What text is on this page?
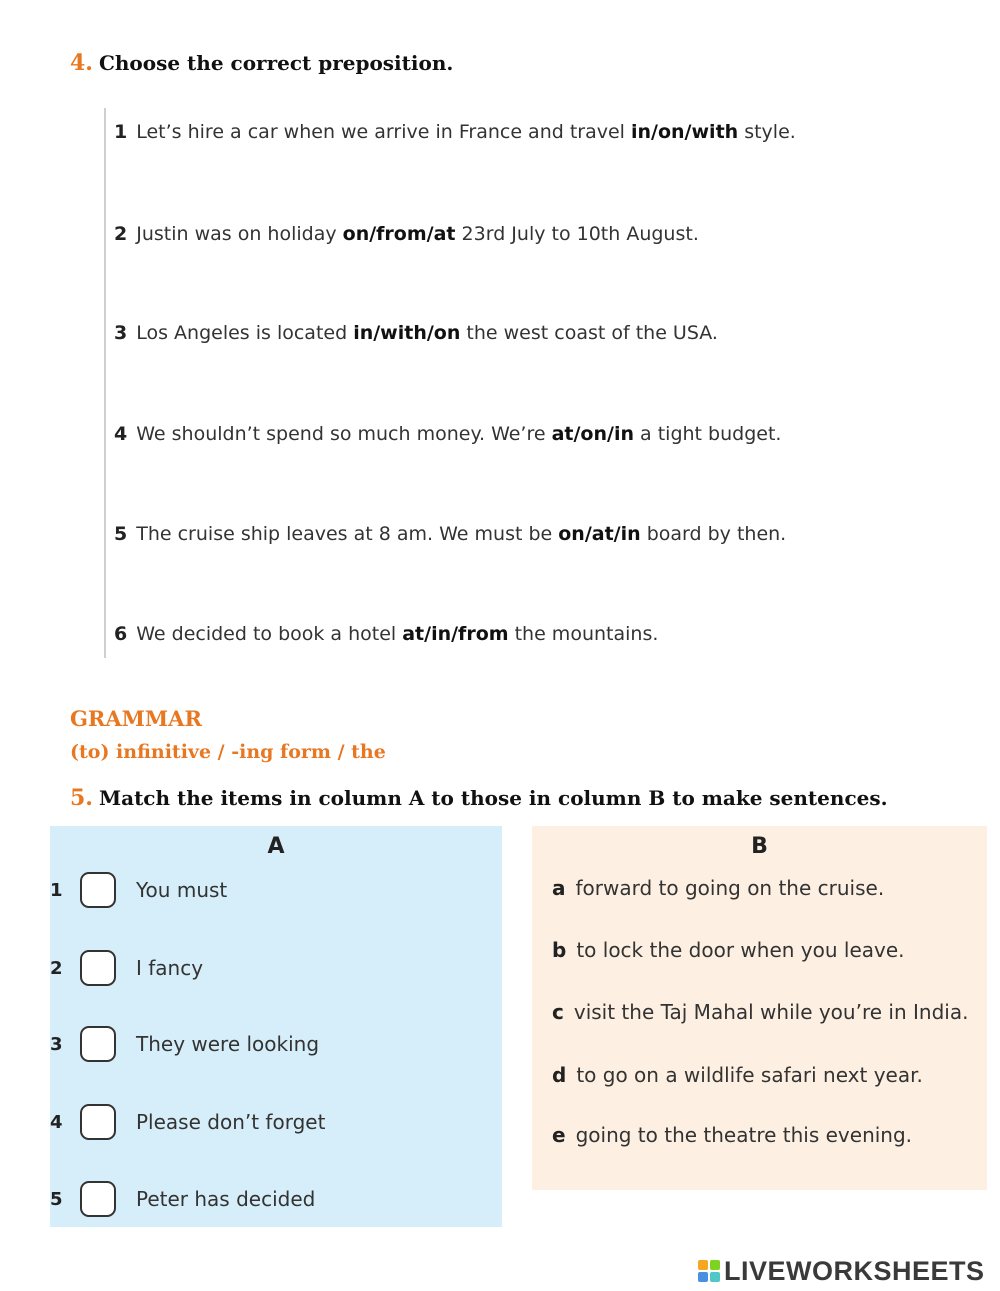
4. Choose the correct preposition.
1 Let’s hire a car when we arrive in France and travel in/on/with style.
2 Justin was on holiday on/from/at 23rd July to 10th August.
3 Los Angeles is located in/with/on the west coast of the USA.
4 We shouldn’t spend so much money. We’re at/on/in a tight budget.
5 The cruise ship leaves at 8 am. We must be on/at/in board by then.
6 We decided to book a hotel at/in/from the mountains.
GRAMMAR
(to) infinitive / -ing form / the
5. Match the items in column A to those in column B to make sentences.
A
1	You must
2	I fancy
3	They were looking
4	Please don’t forget
5	Peter has decided
B
a forward to going on the cruise.
b to lock the door when you leave.
c visit the Taj Mahal while you’re in India.
d to go on a wildlife safari next year.
e going to the theatre this evening.
LIVEWORKSHEETS
